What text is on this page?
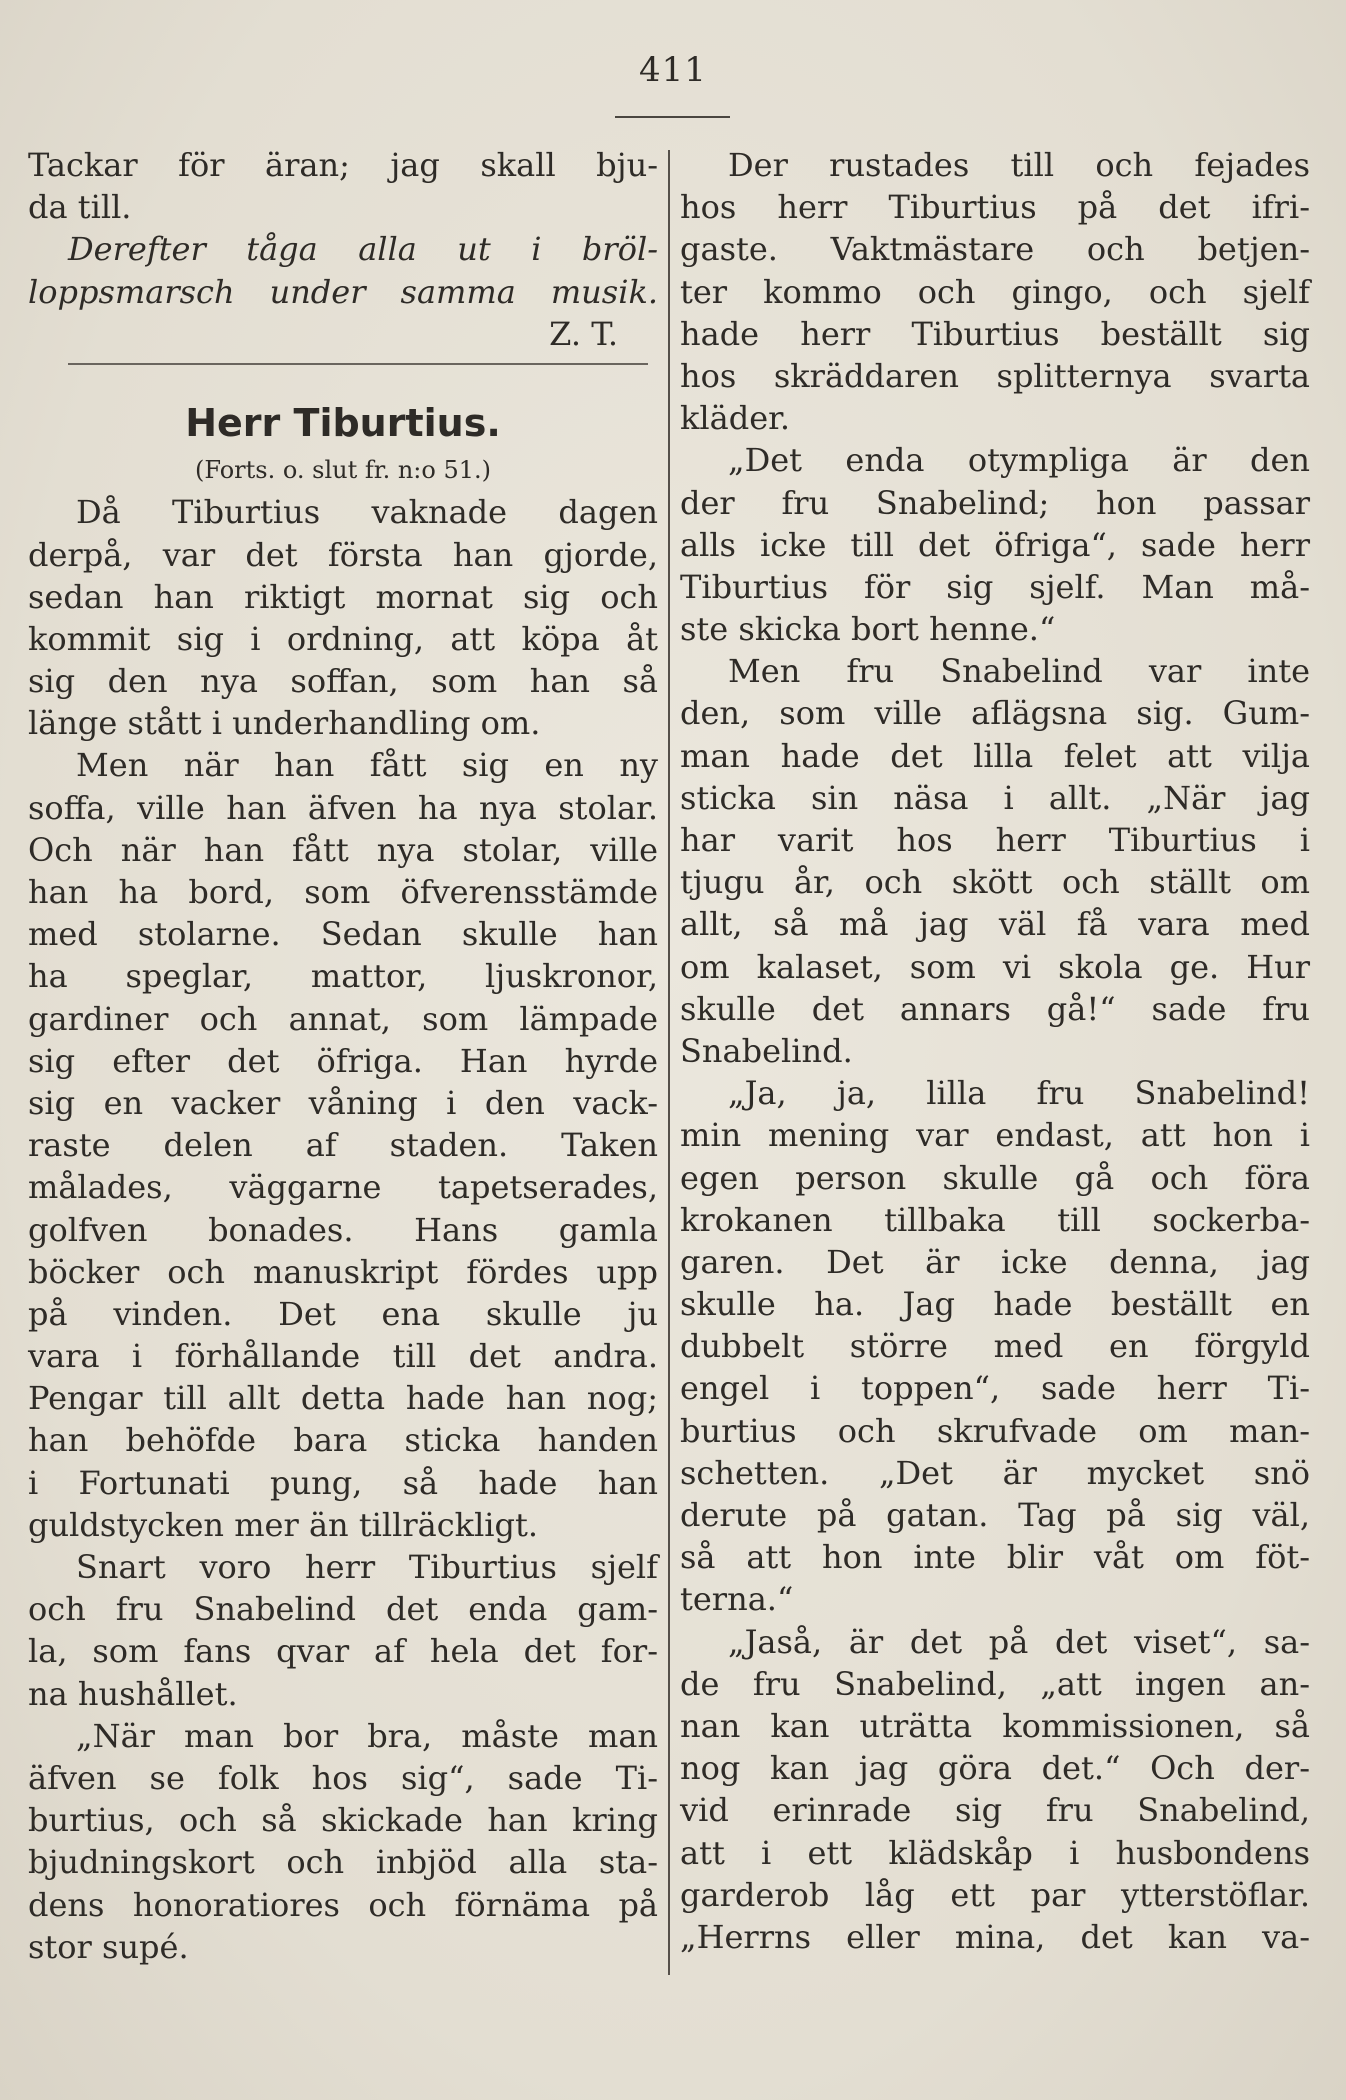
411
Tackar för äran; jag skall bju-
da till.
Derefter tåga alla ut i bröl-
loppsmarsch under samma musik.
Z. T.
Herr Tiburtius.
(Forts. o. slut fr. n:o 51.)
Då Tiburtius vaknade dagen
derpå, var det första han gjorde,
sedan han riktigt mornat sig och
kommit sig i ordning, att köpa åt
sig den nya soffan, som han så
länge stått i underhandling om.
Men när han fått sig en ny
soffa, ville han äfven ha nya stolar.
Och när han fått nya stolar, ville
han ha bord, som öfverensstämde
med stolarne. Sedan skulle han
ha speglar, mattor, ljuskronor,
gardiner och annat, som lämpade
sig efter det öfriga. Han hyrde
sig en vacker våning i den vack-
raste delen af staden. Taken
målades, väggarne tapetserades,
golfven bonades. Hans gamla
böcker och manuskript fördes upp
på vinden. Det ena skulle ju
vara i förhållande till det andra.
Pengar till allt detta hade han nog;
han behöfde bara sticka handen
i Fortunati pung, så hade han
guldstycken mer än tillräckligt.
Snart voro herr Tiburtius sjelf
och fru Snabelind det enda gam-
la, som fans qvar af hela det for-
na hushållet.
„När man bor bra, måste man
äfven se folk hos sig“, sade Ti-
burtius, och så skickade han kring
bjudningskort och inbjöd alla sta-
dens honoratiores och förnäma på
stor supé.
Der rustades till och fejades
hos herr Tiburtius på det ifri-
gaste. Vaktmästare och betjen-
ter kommo och gingo, och sjelf
hade herr Tiburtius beställt sig
hos skräddaren splitternya svarta
kläder.
„Det enda otympliga är den
der fru Snabelind; hon passar
alls icke till det öfriga“, sade herr
Tiburtius för sig sjelf. Man må-
ste skicka bort henne.“
Men fru Snabelind var inte
den, som ville aflägsna sig. Gum-
man hade det lilla felet att vilja
sticka sin näsa i allt. „När jag
har varit hos herr Tiburtius i
tjugu år, och skött och ställt om
allt, så må jag väl få vara med
om kalaset, som vi skola ge. Hur
skulle det annars gå!“ sade fru
Snabelind.
„Ja, ja, lilla fru Snabelind!
min mening var endast, att hon i
egen person skulle gå och föra
krokanen tillbaka till sockerba-
garen. Det är icke denna, jag
skulle ha. Jag hade beställt en
dubbelt större med en förgyld
engel i toppen“, sade herr Ti-
burtius och skrufvade om man-
schetten. „Det är mycket snö
derute på gatan. Tag på sig väl,
så att hon inte blir våt om föt-
terna.“
„Jaså, är det på det viset“, sa-
de fru Snabelind, „att ingen an-
nan kan uträtta kommissionen, så
nog kan jag göra det.“ Och der-
vid erinrade sig fru Snabelind,
att i ett klädskåp i husbondens
garderob låg ett par ytterstöflar.
„Herrns eller mina, det kan va-
